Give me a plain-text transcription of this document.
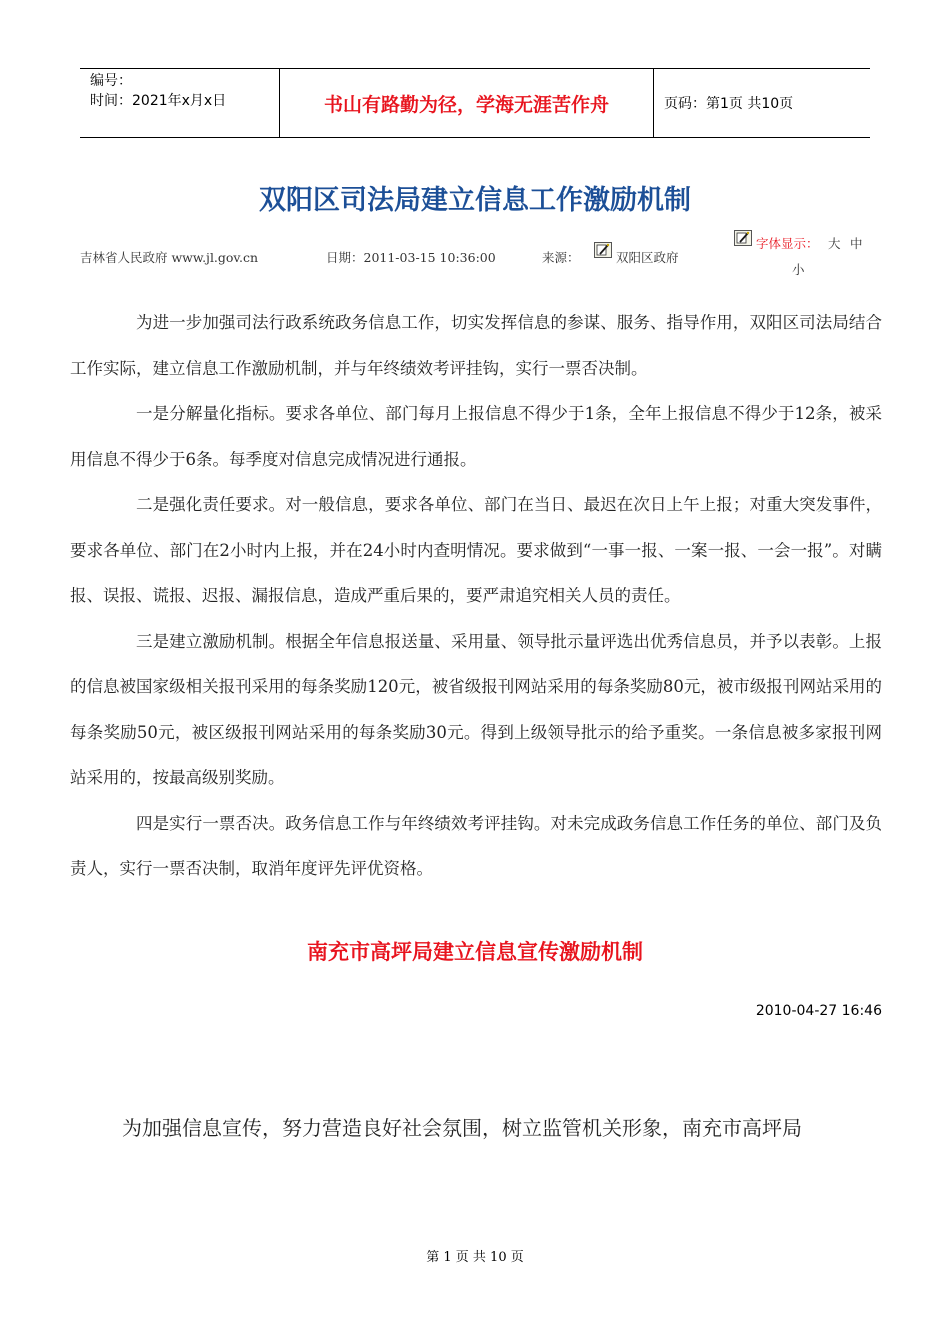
编号：
时间：2021年x月x日	书山有路勤为径，学海无涯苦作舟	页码：第1页 共10页
双阳区司法局建立信息工作激励机制
吉林省人民政府 www.jl.gov.cn	日期：2011-03-15 10:36:00	来源：	双阳区政府
字体显示： 大 中
小

为进一步加强司法行政系统政务信息工作，切实发挥信息的参谋、服务、指导作用，双阳区司法局结合工作实际，建立信息工作激励机制，并与年终绩效考评挂钩，实行一票否决制。

一是分解量化指标。要求各单位、部门每月上报信息不得少于1条，全年上报信息不得少于12条，被采用信息不得少于6条。每季度对信息完成情况进行通报。

二是强化责任要求。对一般信息，要求各单位、部门在当日、最迟在次日上午上报；对重大突发事件，要求各单位、部门在2小时内上报，并在24小时内查明情况。要求做到“一事一报、一案一报、一会一报”。对瞒报、误报、谎报、迟报、漏报信息，造成严重后果的，要严肃追究相关人员的责任。

三是建立激励机制。根据全年信息报送量、采用量、领导批示量评选出优秀信息员，并予以表彰。上报的信息被国家级相关报刊采用的每条奖励120元，被省级报刊网站采用的每条奖励80元，被市级报刊网站采用的每条奖励50元，被区级报刊网站采用的每条奖励30元。得到上级领导批示的给予重奖。一条信息被多家报刊网站采用的，按最高级别奖励。

四是实行一票否决。政务信息工作与年终绩效考评挂钩。对未完成政务信息工作任务的单位、部门及负责人，实行一票否决制，取消年度评先评优资格。

南充市高坪局建立信息宣传激励机制
2010-04-27 16:46

为加强信息宣传，努力营造良好社会氛围，树立监管机关形象，南充市高坪局

第 1 页 共 10 页
